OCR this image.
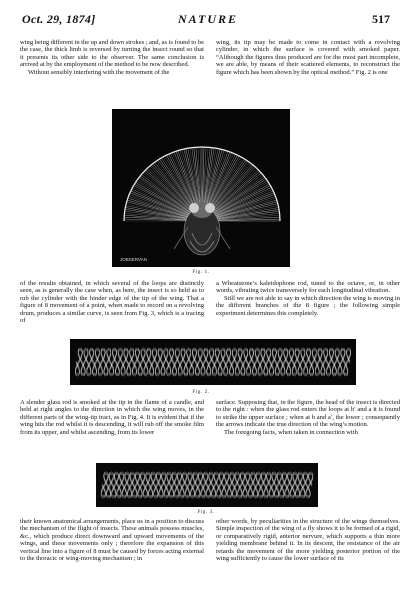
Oct. 29, 1874]	NATURE	517

wing being different in the up and down strokes ; and, as is found to be the case, the thick limb is reversed by turning the insect round so that it presents its other side to the observer. The same conclusion is arrived at by the employment of the method to be now described.

Without sensibly interfering with the movement of the

wing, its tip may be made to come in contact with a revolving cylinder, in which the surface is covered with smoked paper. “Although the figures thus produced are for the most part incomplete, we are able, by means of their scattered elements, to reconstruct the figure which has been shown by the optical method.” Fig. 2 is one

JOBSERVAN
Fig. 1.

of the results obtained, in which several of the loops are distinctly seen, as is generally the case when, as here, the insect is so held as to rub the cylinder with the hinder edge of the tip of the wing. That a figure of 8 movement of a point, when made to record on a revolving drum, produces a similar curve, is seen from Fig. 3, which is a tracing of

a Wheatstone’s kaleidophone rod, tuned to the octave, or, in other words, vibrating twice transversely for each longitudinal vibration.

Still we are not able to say in which direction the wing is moving in the different branches of the 8 figure ; the following simple experiment determines this completely.

Fig. 2.

A slender glass rod is smoked at the tip in the flame of a candle, and held at right angles to the direction in which the wing moves, in the different parts of the wing-tip tract, as in Fig. 4. It is evident that if the wing hits the rod whilst it is descending, it will rub off the smoke film from its upper, and whilst ascending, from its lower

surface. Supposing that, in the figure, the head of the insect is directed to the right : when the glass rod enters the loops at b′ and a it is found to strike the upper surface ; when at b and a′, the lower ; consequently the arrows indicate the true direction of the wing’s motion.

The foregoing facts, when taken in connection with

Fig. 3.

their known anatomical arrangements, place us in a position to discuss the mechanism of the flight of insects. These animals possess muscles, &c., which produce direct downward and upward movements of the wings, and these movements only ; therefore the expansion of this vertical line into a figure of 8 must be caused by forces acting external to the thoracic or wing-moving mechanism ; in

other words, by peculiarities in the structure of the wings themselves. Simple inspection of the wing of a fly shows it to be formed of a rigid, or comparatively rigid, anterior nervure, which supports a thin more yielding membrane behind it. In its descent, the resistance of the air retards the movement of the more yielding posterior portion of the wing sufficiently to cause the lower surface of its
